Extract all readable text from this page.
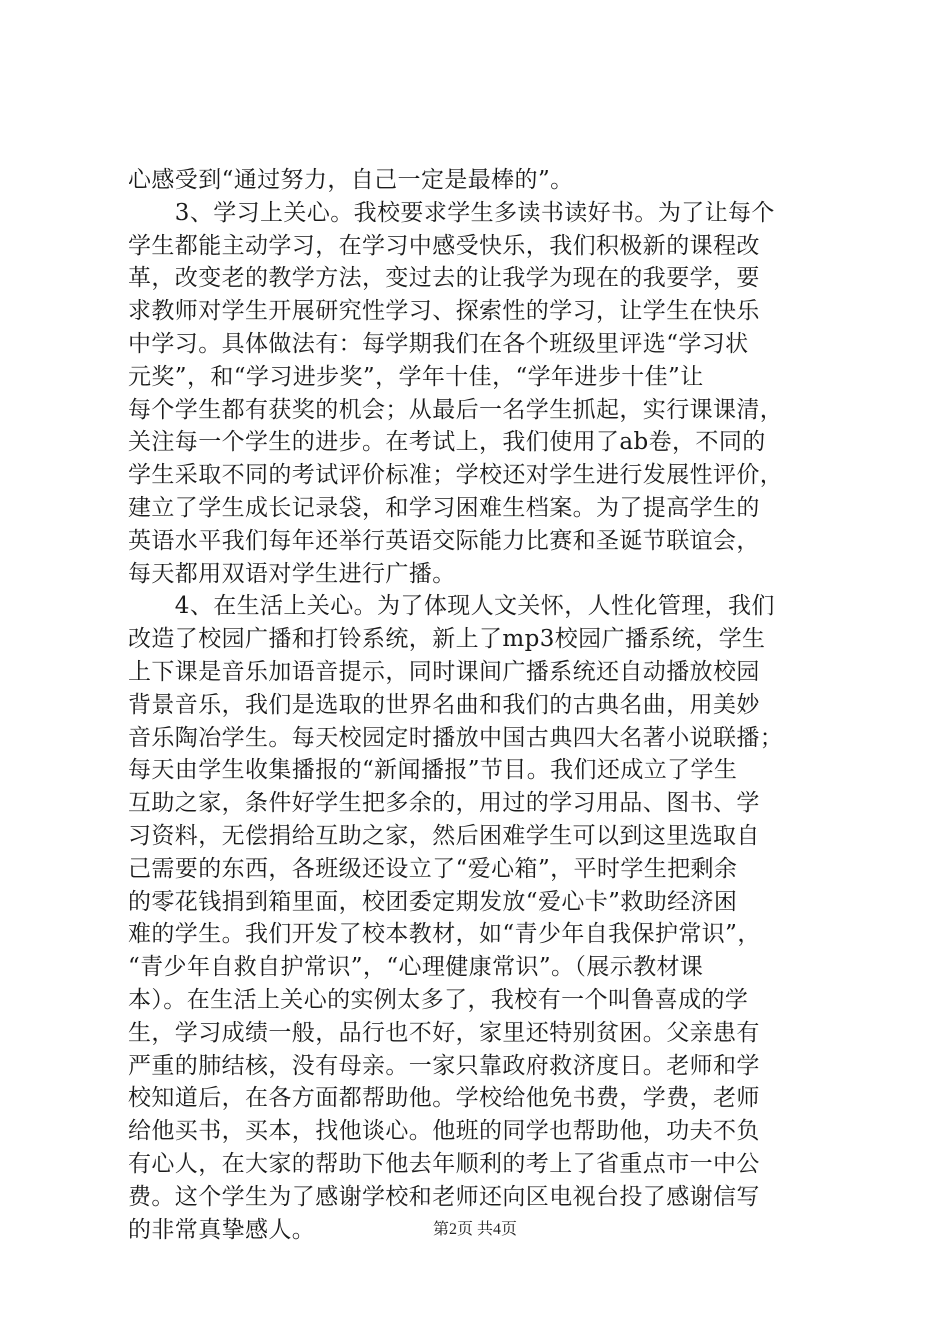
心感受到“通过努力，自己一定是最棒的”。
　　3、学习上关心。我校要求学生多读书读好书。为了让每个
学生都能主动学习，在学习中感受快乐，我们积极新的课程改
革，改变老的教学方法，变过去的让我学为现在的我要学，要
求教师对学生开展研究性学习、探索性的学习，让学生在快乐
中学习。具体做法有：每学期我们在各个班级里评选“学习状
元奖”，和“学习进步奖”，学年十佳，“学年进步十佳”让
每个学生都有获奖的机会；从最后一名学生抓起，实行课课清，
关注每一个学生的进步。在考试上，我们使用了ab卷，不同的
学生采取不同的考试评价标准；学校还对学生进行发展性评价，
建立了学生成长记录袋，和学习困难生档案。为了提高学生的
英语水平我们每年还举行英语交际能力比赛和圣诞节联谊会，
每天都用双语对学生进行广播。
　　4、在生活上关心。为了体现人文关怀，人性化管理，我们
改造了校园广播和打铃系统，新上了mp3校园广播系统，学生
上下课是音乐加语音提示，同时课间广播系统还自动播放校园
背景音乐，我们是选取的世界名曲和我们的古典名曲，用美妙
音乐陶冶学生。每天校园定时播放中国古典四大名著小说联播；
每天由学生收集播报的“新闻播报”节目。我们还成立了学生
互助之家，条件好学生把多余的，用过的学习用品、图书、学
习资料，无偿捐给互助之家，然后困难学生可以到这里选取自
己需要的东西，各班级还设立了“爱心箱”，平时学生把剩余
的零花钱捐到箱里面，校团委定期发放“爱心卡”救助经济困
难的学生。我们开发了校本教材，如“青少年自我保护常识”，
“青少年自救自护常识”，“心理健康常识”。（展示教材课
本）。在生活上关心的实例太多了，我校有一个叫鲁喜成的学
生，学习成绩一般，品行也不好，家里还特别贫困。父亲患有
严重的肺结核，没有母亲。一家只靠政府救济度日。老师和学
校知道后，在各方面都帮助他。学校给他免书费，学费，老师
给他买书，买本，找他谈心。他班的同学也帮助他，功夫不负
有心人，在大家的帮助下他去年顺利的考上了省重点市一中公
费。这个学生为了感谢学校和老师还向区电视台投了感谢信写
的非常真挚感人。	第2页 共4页
